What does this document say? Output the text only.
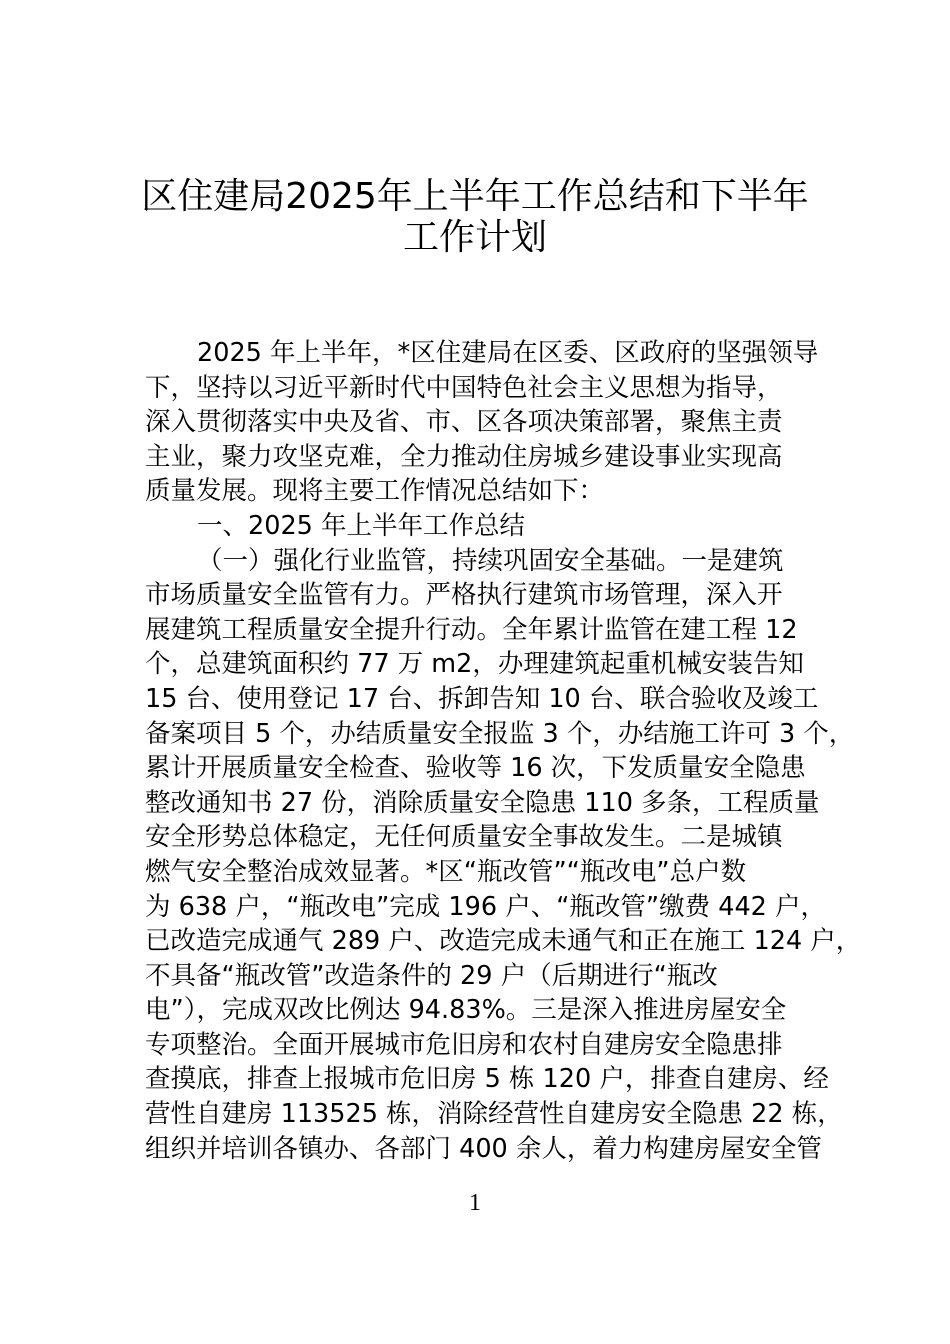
区住建局2025年上半年工作总结和下半年
工作计划
2025 年上半年，*区住建局在区委、区政府的坚强领导
下，坚持以习近平新时代中国特色社会主义思想为指导，
深入贯彻落实中央及省、市、区各项决策部署，聚焦主责
主业，聚力攻坚克难，全力推动住房城乡建设事业实现高
质量发展。现将主要工作情况总结如下：
一、2025 年上半年工作总结
（一）强化行业监管，持续巩固安全基础。一是建筑
市场质量安全监管有力。严格执行建筑市场管理，深入开
展建筑工程质量安全提升行动。全年累计监管在建工程 12
个，总建筑面积约 77 万 m2，办理建筑起重机械安装告知
15 台、使用登记 17 台、拆卸告知 10 台、联合验收及竣工
备案项目 5 个，办结质量安全报监 3 个，办结施工许可 3 个，
累计开展质量安全检查、验收等 16 次，下发质量安全隐患
整改通知书 27 份，消除质量安全隐患 110 多条，工程质量
安全形势总体稳定，无任何质量安全事故发生。二是城镇
燃气安全整治成效显著。*区“瓶改管”“瓶改电”总户数
为 638 户，“瓶改电”完成 196 户、“瓶改管”缴费 442 户，
已改造完成通气 289 户、改造完成未通气和正在施工 124 户，
不具备“瓶改管”改造条件的 29 户（后期进行“瓶改
电”），完成双改比例达 94.83%。三是深入推进房屋安全
专项整治。全面开展城市危旧房和农村自建房安全隐患排
查摸底，排查上报城市危旧房 5 栋 120 户，排查自建房、经
营性自建房 113525 栋，消除经营性自建房安全隐患 22 栋，
组织并培训各镇办、各部门 400 余人，着力构建房屋安全管
1
